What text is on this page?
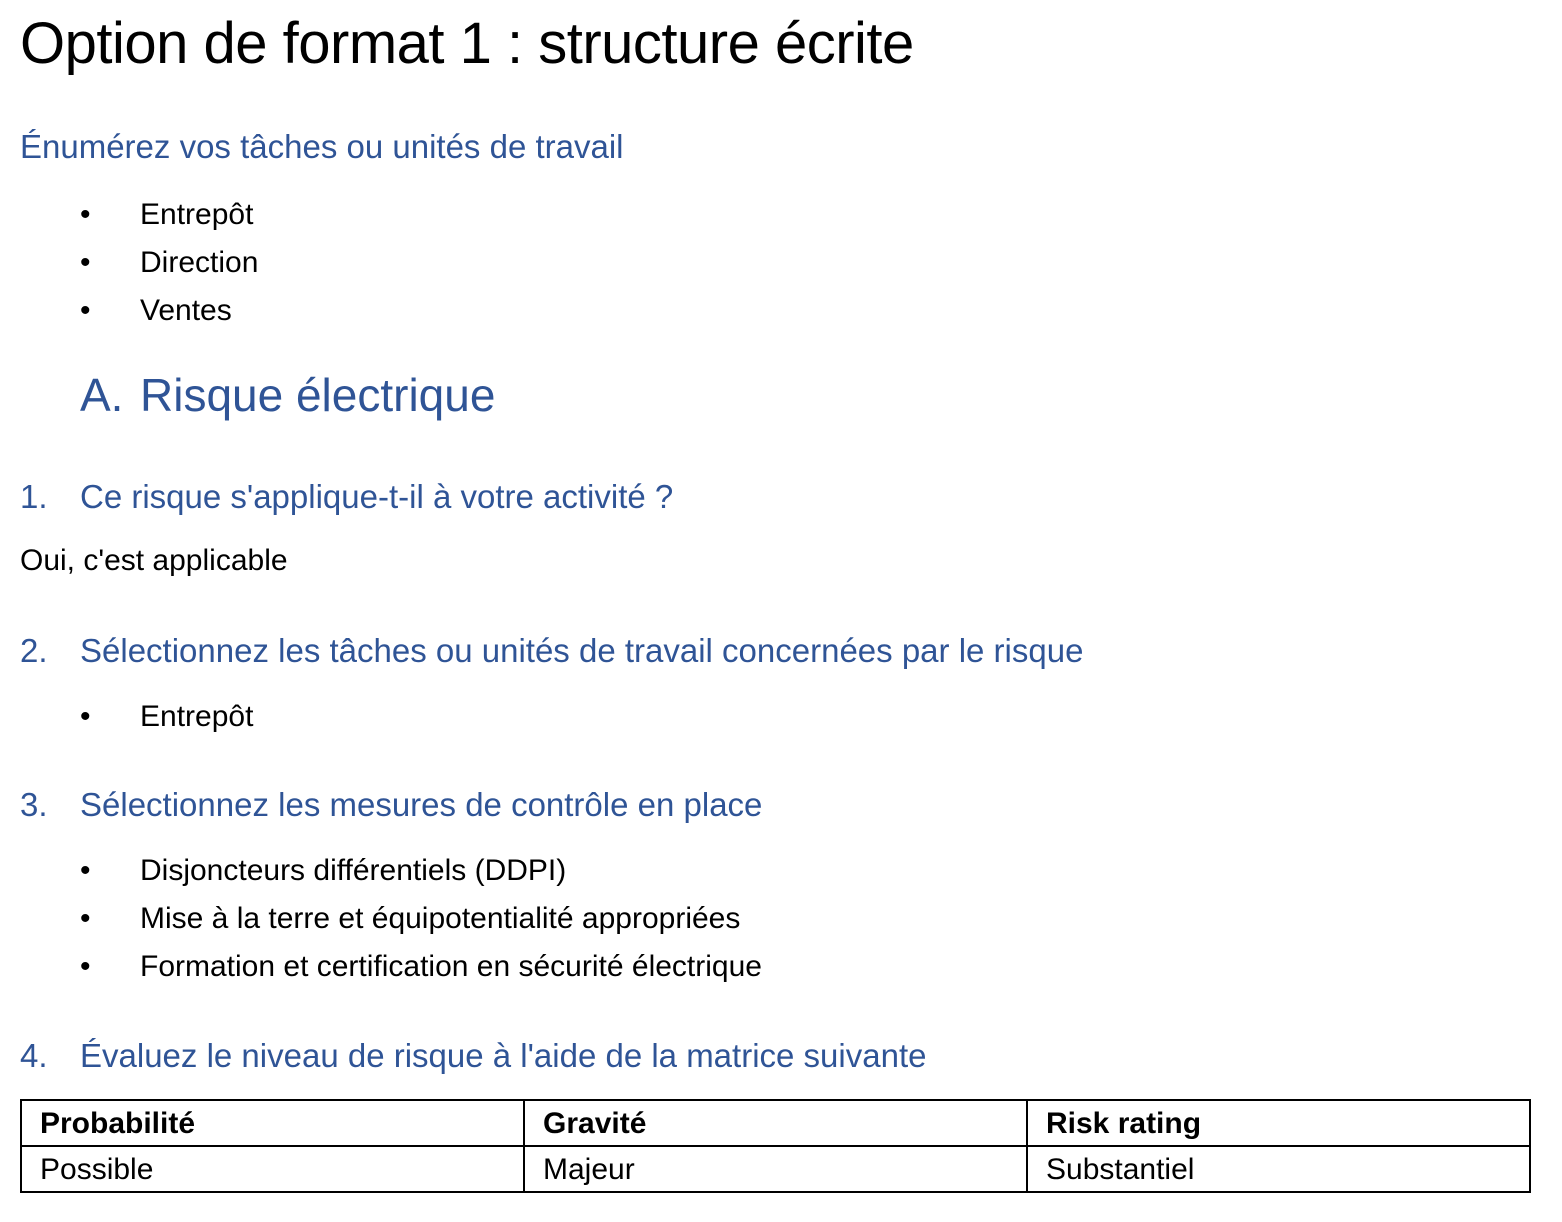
Option de format 1 : structure écrite
Énumérez vos tâches ou unités de travail
• Entrepôt
• Direction
• Ventes
A. Risque électrique
1. Ce risque s'applique-t-il à votre activité ?
Oui, c'est applicable
2. Sélectionnez les tâches ou unités de travail concernées par le risque
• Entrepôt
3. Sélectionnez les mesures de contrôle en place
• Disjoncteurs différentiels (DDPI)
• Mise à la terre et équipotentialité appropriées
• Formation et certification en sécurité électrique
4. Évaluez le niveau de risque à l'aide de la matrice suivante
Probabilité	Gravité	Risk rating
Possible	Majeur	Substantiel
